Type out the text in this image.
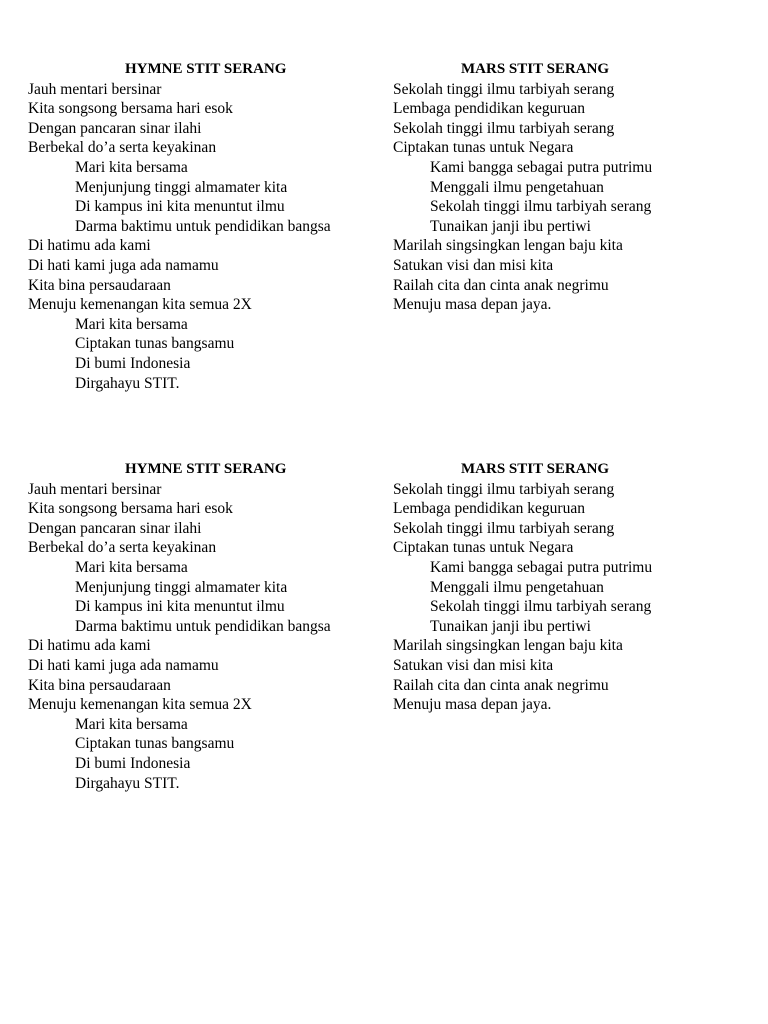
HYMNE STIT SERANG
Jauh mentari bersinar
Kita songsong bersama hari esok
Dengan pancaran sinar ilahi
Berbekal do’a serta keyakinan
Mari kita bersama
Menjunjung tinggi almamater kita
Di kampus ini kita menuntut ilmu
Darma baktimu untuk pendidikan bangsa
Di hatimu ada kami
Di hati kami juga ada namamu
Kita bina persaudaraan
Menuju kemenangan kita semua 2X
Mari kita bersama
Ciptakan tunas bangsamu
Di bumi Indonesia
Dirgahayu STIT.
MARS STIT SERANG
Sekolah tinggi ilmu tarbiyah serang
Lembaga pendidikan keguruan
Sekolah tinggi ilmu tarbiyah serang
Ciptakan tunas untuk Negara
Kami bangga sebagai putra putrimu
Menggali ilmu pengetahuan
Sekolah tinggi ilmu tarbiyah serang
Tunaikan janji ibu pertiwi
Marilah singsingkan lengan baju kita
Satukan visi dan misi kita
Railah cita dan cinta anak negrimu
Menuju masa depan jaya.
HYMNE STIT SERANG
Jauh mentari bersinar
Kita songsong bersama hari esok
Dengan pancaran sinar ilahi
Berbekal do’a serta keyakinan
Mari kita bersama
Menjunjung tinggi almamater kita
Di kampus ini kita menuntut ilmu
Darma baktimu untuk pendidikan bangsa
Di hatimu ada kami
Di hati kami juga ada namamu
Kita bina persaudaraan
Menuju kemenangan kita semua 2X
Mari kita bersama
Ciptakan tunas bangsamu
Di bumi Indonesia
Dirgahayu STIT.
MARS STIT SERANG
Sekolah tinggi ilmu tarbiyah serang
Lembaga pendidikan keguruan
Sekolah tinggi ilmu tarbiyah serang
Ciptakan tunas untuk Negara
Kami bangga sebagai putra putrimu
Menggali ilmu pengetahuan
Sekolah tinggi ilmu tarbiyah serang
Tunaikan janji ibu pertiwi
Marilah singsingkan lengan baju kita
Satukan visi dan misi kita
Railah cita dan cinta anak negrimu
Menuju masa depan jaya.
